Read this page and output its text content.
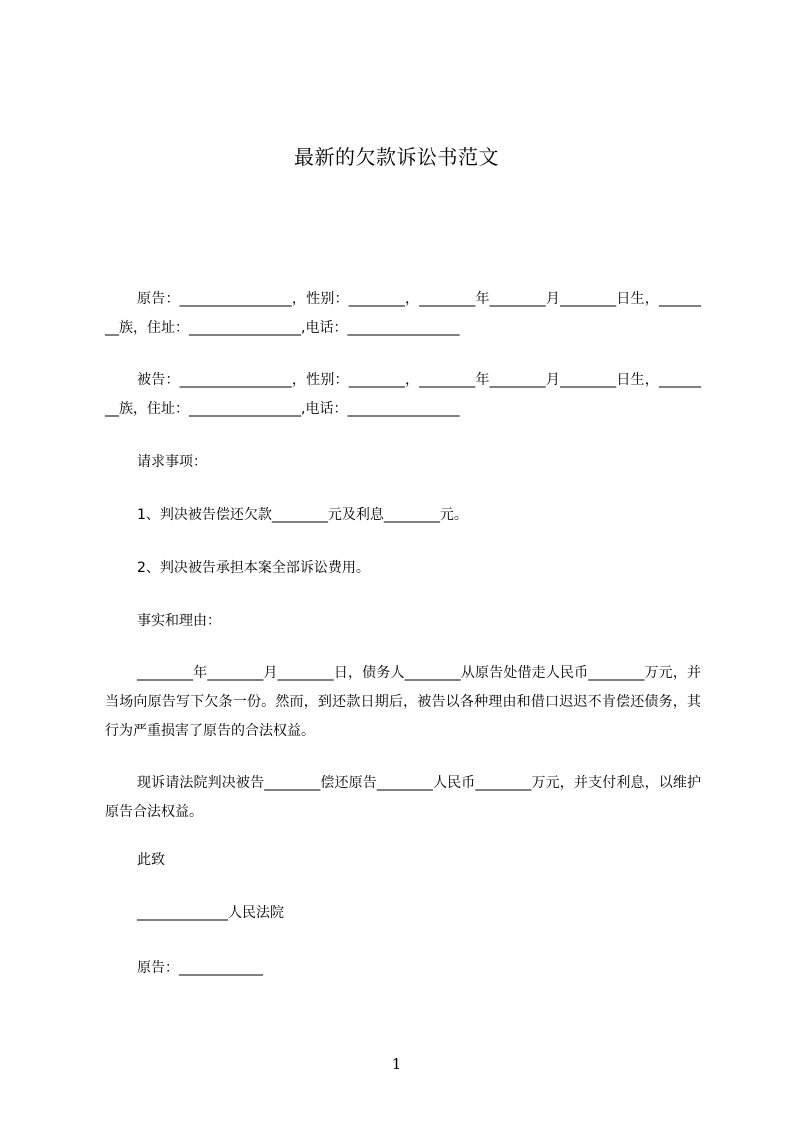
最新的欠款诉讼书范文
原告：________________，性别：________，________年________月________日生，________族，住址：________________,电话：________________
被告：________________，性别：________，________年________月________日生，________族，住址：________________,电话：________________
请求事项：
1、判决被告偿还欠款________元及利息________元。
2、判决被告承担本案全部诉讼费用。
事实和理由：
________年________月________日，债务人________从原告处借走人民币________万元，并当场向原告写下欠条一份。然而，到还款日期后，被告以各种理由和借口迟迟不肯偿还债务，其行为严重损害了原告的合法权益。
现诉请法院判决被告________偿还原告________人民币________万元，并支付利息，以维护原告合法权益。
此致
_____________人民法院
原告：____________
1
